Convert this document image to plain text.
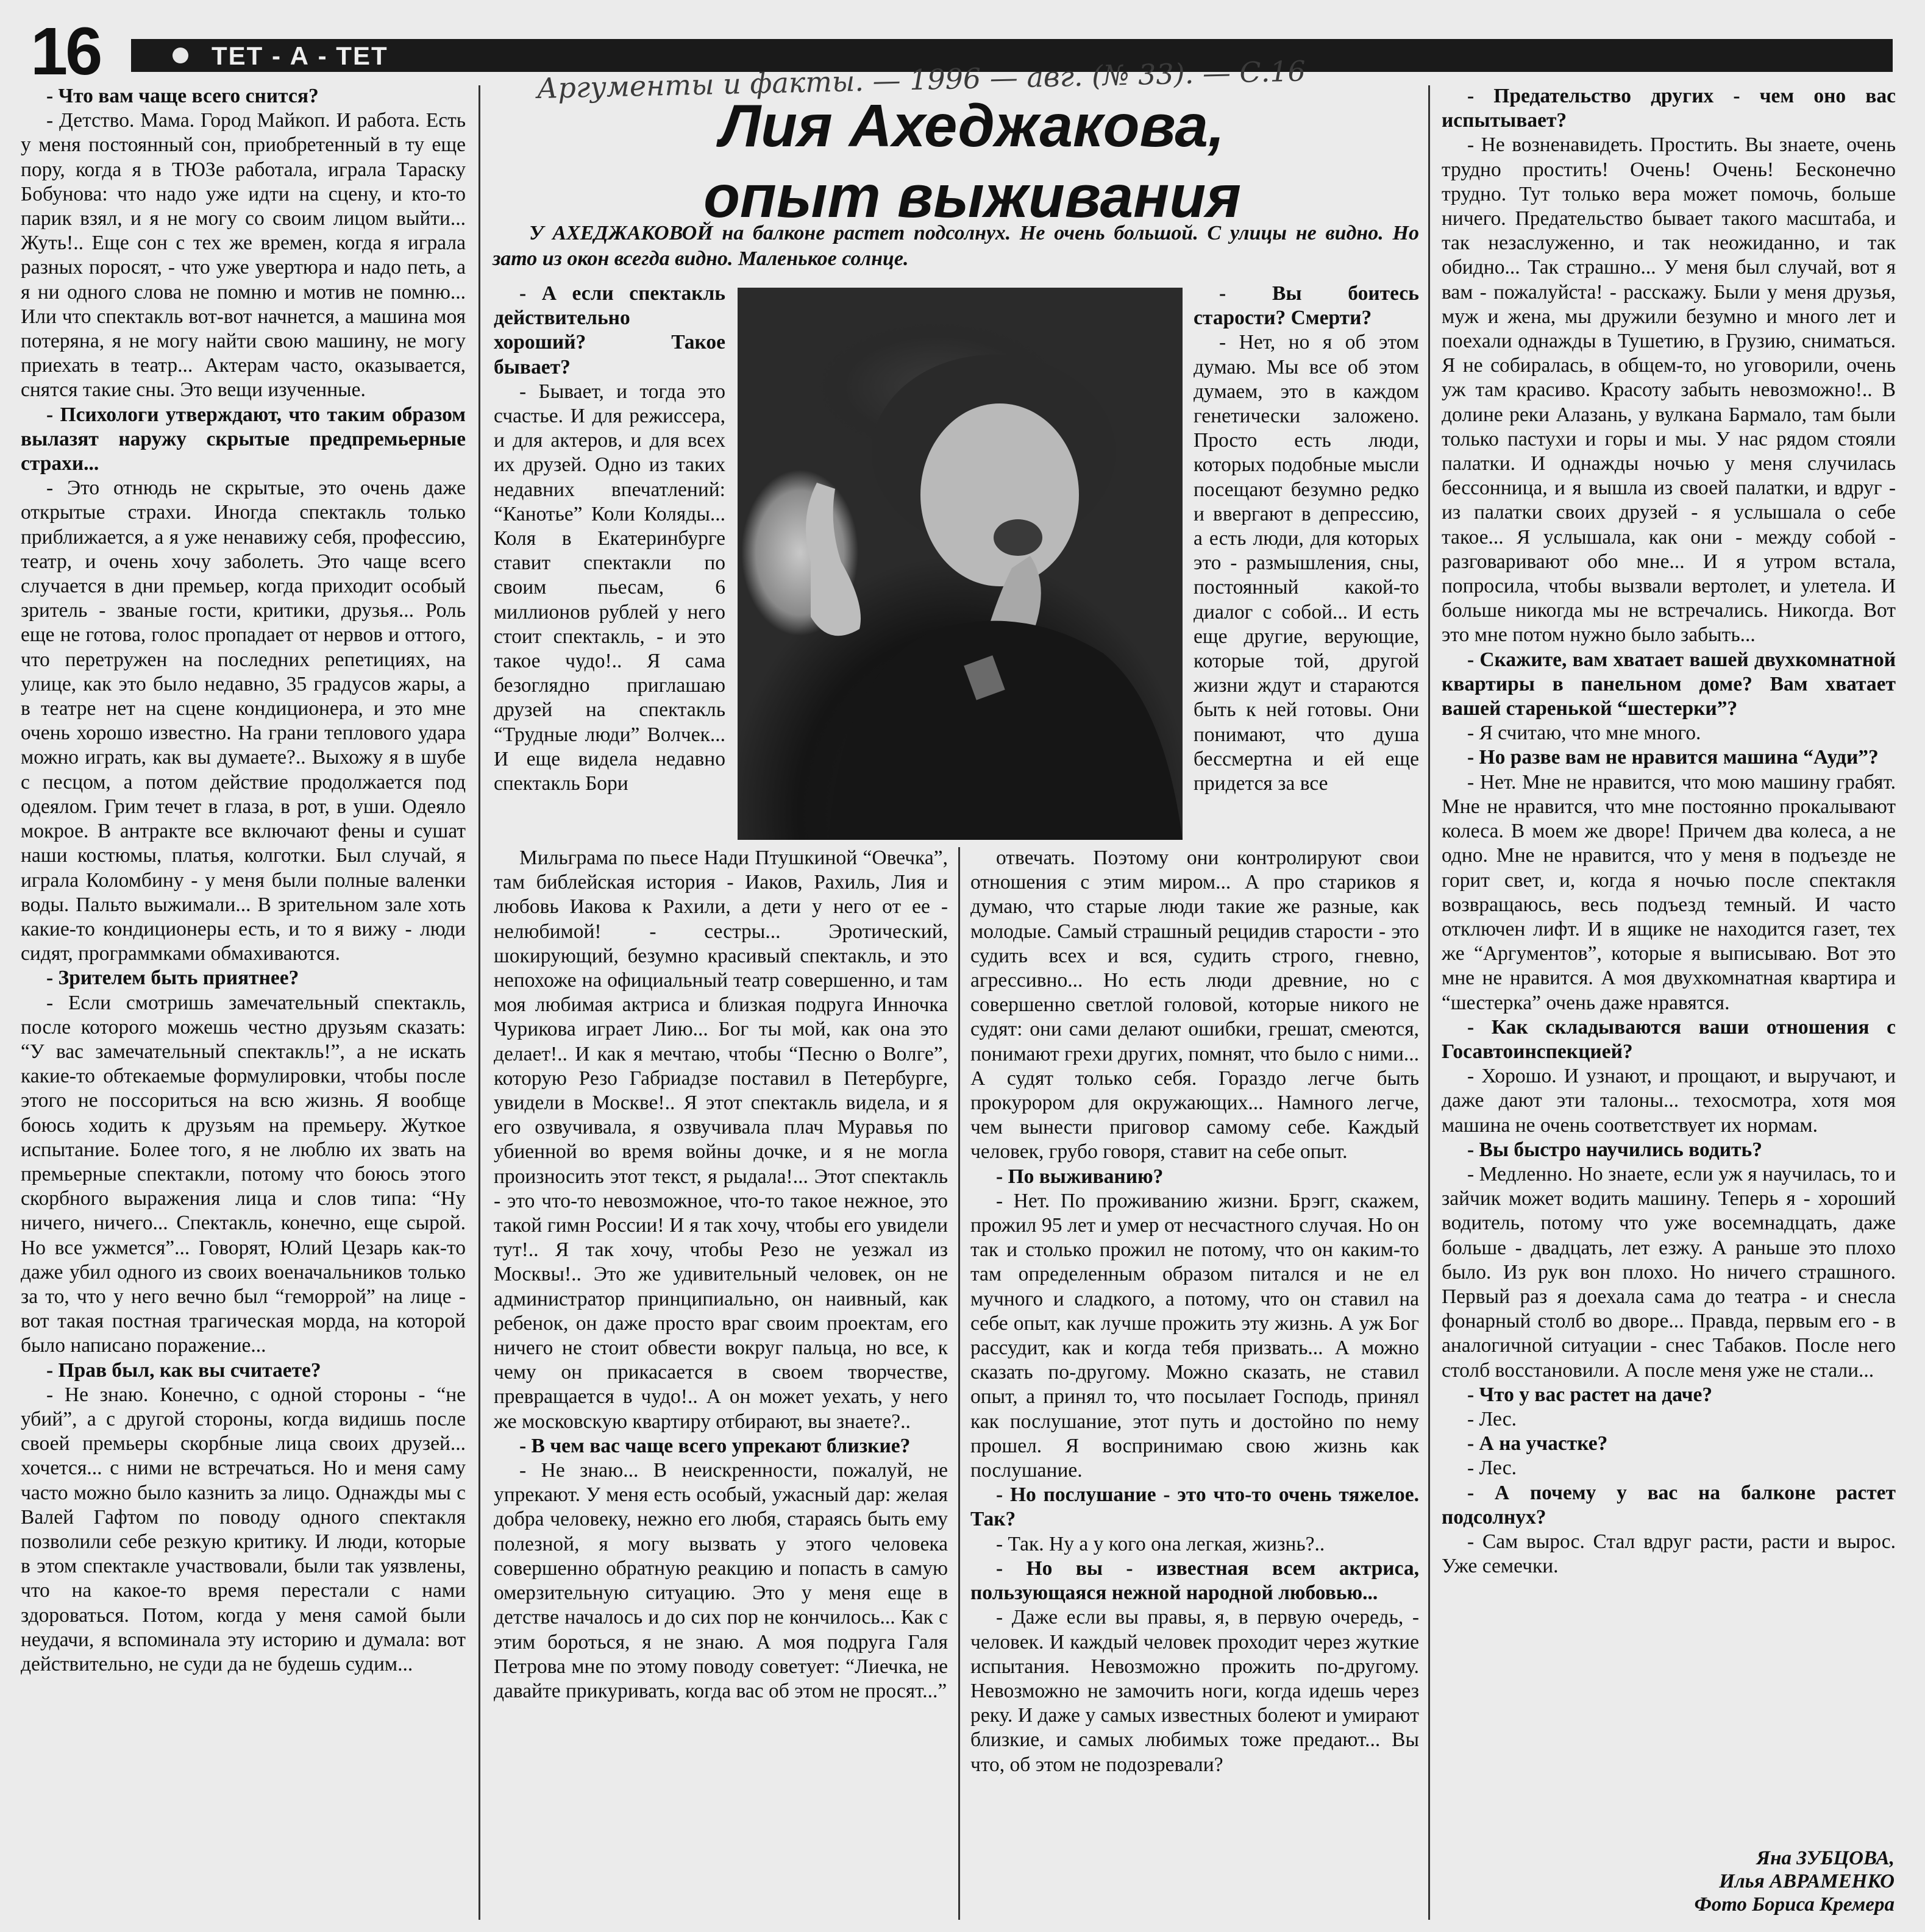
16	ТЕТ - А - ТЕТ	Аргументы и факты. — 1996 — авг. (№ 33). — С.16
Лия Ахеджакова,
опыт выживания
У АХЕДЖАКОВОЙ на балконе растет подсолнух. Не очень большой. С улицы не видно. Но зато из окон всегда видно. Маленькое солнце.

- Что вам чаще всего снится?

- Детство. Мама. Город Майкоп. И работа. Есть у меня постоянный сон, приобретенный в ту еще пору, когда я в ТЮЗе работала, играла Тараску Бобунова: что надо уже идти на сцену, и кто-то парик взял, и я не могу со своим лицом выйти... Жуть!.. Еще сон с тех же времен, когда я играла разных поросят, - что уже увертюра и надо петь, а я ни одного слова не помню и мотив не помню... Или что спектакль вот-вот начнется, а машина моя потеряна, я не могу найти свою машину, не могу приехать в театр... Актерам часто, оказывается, снятся такие сны. Это вещи изученные.

- Психологи утверждают, что таким образом вылазят наружу скрытые предпремьерные страхи...

- Это отнюдь не скрытые, это очень даже открытые страхи. Иногда спектакль только приближается, а я уже ненавижу себя, профессию, театр, и очень хочу заболеть. Это чаще всего случается в дни премьер, когда приходит особый зритель - званые гости, критики, друзья... Роль еще не готова, голос пропадает от нервов и оттого, что перетружен на последних репетициях, на улице, как это было недавно, 35 градусов жары, а в театре нет на сцене кондиционера, и это мне очень хорошо известно. На грани теплового удара можно играть, как вы думаете?.. Выхожу я в шубе с песцом, а потом действие продолжается под одеялом. Грим течет в глаза, в рот, в уши. Одеяло мокрое. В антракте все включают фены и сушат наши костюмы, платья, колготки. Был случай, я играла Коломбину - у меня были полные валенки воды. Пальто выжимали... В зрительном зале хоть какие-то кондиционеры есть, и то я вижу - люди сидят, программками обмахиваются.

- Зрителем быть приятнее?

- Если смотришь замечательный спектакль, после которого можешь честно друзьям сказать: “У вас замечательный спектакль!”, а не искать какие-то обтекаемые формулировки, чтобы после этого не поссориться на всю жизнь. Я вообще боюсь ходить к друзьям на премьеру. Жуткое испытание. Более того, я не люблю их звать на премьерные спектакли, потому что боюсь этого скорбного выражения лица и слов типа: “Ну ничего, ничего... Спектакль, конечно, еще сырой. Но все ужмется”... Говорят, Юлий Цезарь как-то даже убил одного из своих военачальников только за то, что у него вечно был “геморрой” на лице - вот такая постная трагическая морда, на которой было написано поражение...

- Прав был, как вы считаете?

- Не знаю. Конечно, с одной стороны - “не убий”, а с другой стороны, когда видишь после своей премьеры скорбные лица своих друзей... хочется... с ними не встречаться. Но и меня саму часто можно было казнить за лицо. Однажды мы с Валей Гафтом по поводу одного спектакля позволили себе резкую критику. И люди, которые в этом спектакле участвовали, были так уязвлены, что на какое-то время перестали с нами здороваться. Потом, когда у меня самой были неудачи, я вспоминала эту историю и думала: вот действительно, не суди да не будешь судим...

- А если спектакль действительно хороший? Такое бывает?

- Бывает, и тогда это счастье. И для режиссера, и для актеров, и для всех их друзей. Одно из таких недавних впечатлений: “Канотье” Коли Коляды... Коля в Екатеринбурге ставит спектакли по своим пьесам, 6 миллионов рублей у него стоит спектакль, - и это такое чудо!.. Я сама безоглядно приглашаю друзей на спектакль “Трудные люди” Волчек... И еще видела недавно спектакль Бори

Мильграма по пьесе Нади Птушкиной “Овечка”, там библейская история - Иаков, Рахиль, Лия и любовь Иакова к Рахили, а дети у него от ее - нелюбимой! - сестры... Эротический, шокирующий, безумно красивый спектакль, и это непохоже на официальный театр совершенно, и там моя любимая актриса и близкая подруга Инночка Чурикова играет Лию... Бог ты мой, как она это делает!.. И как я мечтаю, чтобы “Песню о Волге”, которую Резо Габриадзе поставил в Петербурге, увидели в Москве!.. Я этот спектакль видела, и я его озвучивала, я озвучивала плач Муравья по убиенной во время войны дочке, и я не могла произносить этот текст, я рыдала!... Этот спектакль - это что-то невозможное, что-то такое нежное, это такой гимн России! И я так хочу, чтобы его увидели тут!.. Я так хочу, чтобы Резо не уезжал из Москвы!.. Это же удивительный человек, он не администратор принципиально, он наивный, как ребенок, он даже просто враг своим проектам, его ничего не стоит обвести вокруг пальца, но все, к чему он прикасается в своем творчестве, превращается в чудо!.. А он может уехать, у него же московскую квартиру отбирают, вы знаете?..

- В чем вас чаще всего упрекают близкие?

- Не знаю... В неискренности, пожалуй, не упрекают. У меня есть особый, ужасный дар: желая добра человеку, нежно его любя, стараясь быть ему полезной, я могу вызвать у этого человека совершенно обратную реакцию и попасть в самую омерзительную ситуацию. Это у меня еще в детстве началось и до сих пор не кончилось... Как с этим бороться, я не знаю. А моя подруга Галя Петрова мне по этому поводу советует: “Лиечка, не давайте прикуривать, когда вас об этом не просят...”

- Вы боитесь старости? Смерти?

- Нет, но я об этом думаю. Мы все об этом думаем, это в каждом генетически заложено. Просто есть люди, которых подобные мысли посещают безумно редко и ввергают в депрессию, а есть люди, для которых это - размышления, сны, постоянный какой-то диалог с собой... И есть еще другие, верующие, которые той, другой жизни ждут и стараются быть к ней готовы. Они понимают, что душа бессмертна и ей еще придется за все

отвечать. Поэтому они контролируют свои отношения с этим миром... А про стариков я думаю, что старые люди такие же разные, как молодые. Самый страшный рецидив старости - это судить всех и вся, судить строго, гневно, агрессивно... Но есть люди древние, но с совершенно светлой головой, которые никого не судят: они сами делают ошибки, грешат, смеются, понимают грехи других, помнят, что было с ними... А судят только себя. Гораздо легче быть прокурором для окружающих... Намного легче, чем вынести приговор самому себе. Каждый человек, грубо говоря, ставит на себе опыт.

- По выживанию?

- Нет. По проживанию жизни. Брэгг, скажем, прожил 95 лет и умер от несчастного случая. Но он так и столько прожил не потому, что он каким-то там определенным образом питался и не ел мучного и сладкого, а потому, что он ставил на себе опыт, как лучше прожить эту жизнь. А уж Бог рассудит, как и когда тебя призвать... А можно сказать по-другому. Можно сказать, не ставил опыт, а принял то, что посылает Господь, принял как послушание, этот путь и достойно по нему прошел. Я воспринимаю свою жизнь как послушание.

- Но послушание - это что-то очень тяжелое. Так?

- Так. Ну а у кого она легкая, жизнь?..

- Но вы - известная всем актриса, пользующаяся нежной народной любовью...

- Даже если вы правы, я, в первую очередь, - человек. И каждый человек проходит через жуткие испытания. Невозможно прожить по-другому. Невозможно не замочить ноги, когда идешь через реку. И даже у самых известных болеют и умирают близкие, и самых любимых тоже предают... Вы что, об этом не подозревали?

- Предательство других - чем оно вас испытывает?

- Не возненавидеть. Простить. Вы знаете, очень трудно простить! Очень! Очень! Бесконечно трудно. Тут только вера может помочь, больше ничего. Предательство бывает такого масштаба, и так незаслуженно, и так неожиданно, и так обидно... Так страшно... У меня был случай, вот я вам - пожалуйста! - расскажу. Были у меня друзья, муж и жена, мы дружили безумно и много лет и поехали однажды в Тушетию, в Грузию, сниматься. Я не собиралась, в общем-то, но уговорили, очень уж там красиво. Красоту забыть невозможно!.. В долине реки Алазань, у вулкана Бармало, там были только пастухи и горы и мы. У нас рядом стояли палатки. И однажды ночью у меня случилась бессонница, и я вышла из своей палатки, и вдруг - из палатки своих друзей - я услышала о себе такое... Я услышала, как они - между собой - разговаривают обо мне... И я утром встала, попросила, чтобы вызвали вертолет, и улетела. И больше никогда мы не встречались. Никогда. Вот это мне потом нужно было забыть...

- Скажите, вам хватает вашей двухкомнатной квартиры в панельном доме? Вам хватает вашей старенькой “шестерки”?

- Я считаю, что мне много.

- Но разве вам не нравится машина “Ауди”?

- Нет. Мне не нравится, что мою машину грабят. Мне не нравится, что мне постоянно прокалывают колеса. В моем же дворе! Причем два колеса, а не одно. Мне не нравится, что у меня в подъезде не горит свет, и, когда я ночью после спектакля возвращаюсь, весь подъезд темный. И часто отключен лифт. И в ящике не находится газет, тех же “Аргументов”, которые я выписываю. Вот это мне не нравится. А моя двухкомнатная квартира и “шестерка” очень даже нравятся.

- Как складываются ваши отношения с Госавтоинспекцией?

- Хорошо. И узнают, и прощают, и выручают, и даже дают эти талоны... техосмотра, хотя моя машина не очень соответствует их нормам.

- Вы быстро научились водить?

- Медленно. Но знаете, если уж я научилась, то и зайчик может водить машину. Теперь я - хороший водитель, потому что уже восемнадцать, даже больше - двадцать, лет езжу. А раньше это плохо было. Из рук вон плохо. Но ничего страшного. Первый раз я доехала сама до театра - и снесла фонарный столб во дворе... Правда, первым его - в аналогичной ситуации - снес Табаков. После него столб восстановили. А после меня уже не стали...

- Что у вас растет на даче?

- Лес.

- А на участке?

- Лес.

- А почему у вас на балконе растет подсолнух?

- Сам вырос. Стал вдруг расти, расти и вырос. Уже семечки.

Яна ЗУБЦОВА,
Илья АВРАМЕНКО
Фото Бориса Кремера
